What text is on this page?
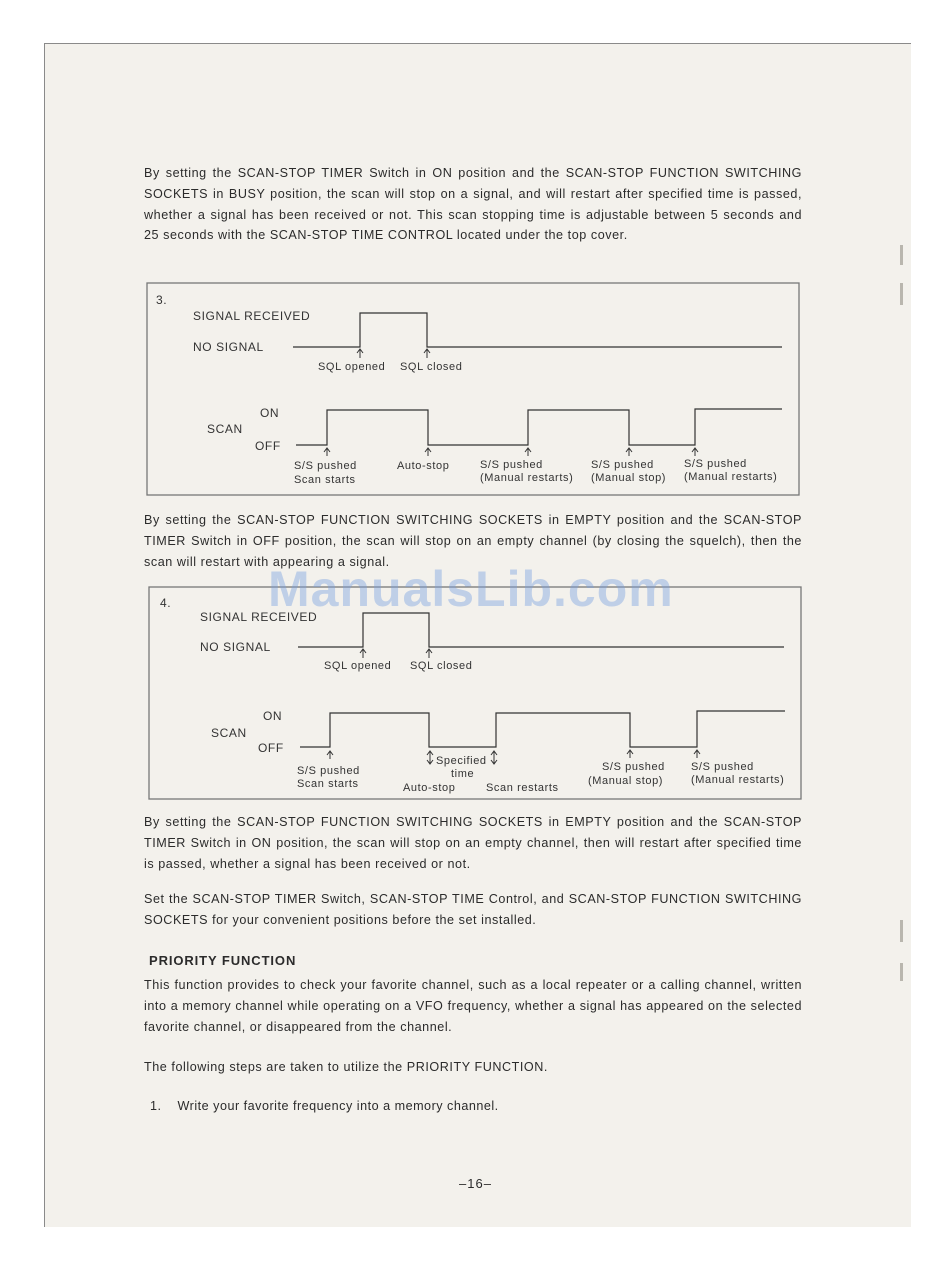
By setting the SCAN-STOP TIMER Switch in ON position and the SCAN-STOP FUNCTION SWITCHING SOCKETS in BUSY position, the scan will stop on a signal, and will restart after specified time is passed, whether a signal has been received or not. This scan stopping time is adjustable between 5 seconds and 25 seconds with the SCAN-STOP TIME CONTROL located under the top cover.

3.
SIGNAL RECEIVED
NO SIGNAL
SQL opened SQL closed
ON
SCAN
OFF
S/S pushed
Scan starts
Auto-stop	S/S pushed
(Manual restarts)
S/S pushed
(Manual stop)
S/S pushed
(Manual restarts)

By setting the SCAN-STOP FUNCTION SWITCHING SOCKETS in EMPTY position and the SCAN-STOP TIMER Switch in OFF position, the scan will stop on an empty channel (by closing the squelch), then the scan will restart with appearing a signal.

4.
SIGNAL RECEIVED
NO SIGNAL
SQL opened SQL closed
ON
SCAN
OFF
S/S pushed
Scan starts
Specified
time
Auto-stop	Scan restarts
S/S pushed
(Manual stop)
S/S pushed
(Manual restarts)
ManualsLib.com

By setting the SCAN-STOP FUNCTION SWITCHING SOCKETS in EMPTY position and the SCAN-STOP TIMER Switch in ON position, the scan will stop on an empty channel, then will restart after specified time is passed, whether a signal has been received or not.

Set the SCAN-STOP TIMER Switch, SCAN-STOP TIME Control, and SCAN-STOP FUNCTION SWITCHING SOCKETS for your convenient positions before the set installed.

PRIORITY FUNCTION

This function provides to check your favorite channel, such as a local repeater or a calling channel, written into a memory channel while operating on a VFO frequency, whether a signal has appeared on the selected favorite channel, or disappeared from the channel.

The following steps are taken to utilize the PRIORITY FUNCTION.

1. Write your favorite frequency into a memory channel.
–16–
